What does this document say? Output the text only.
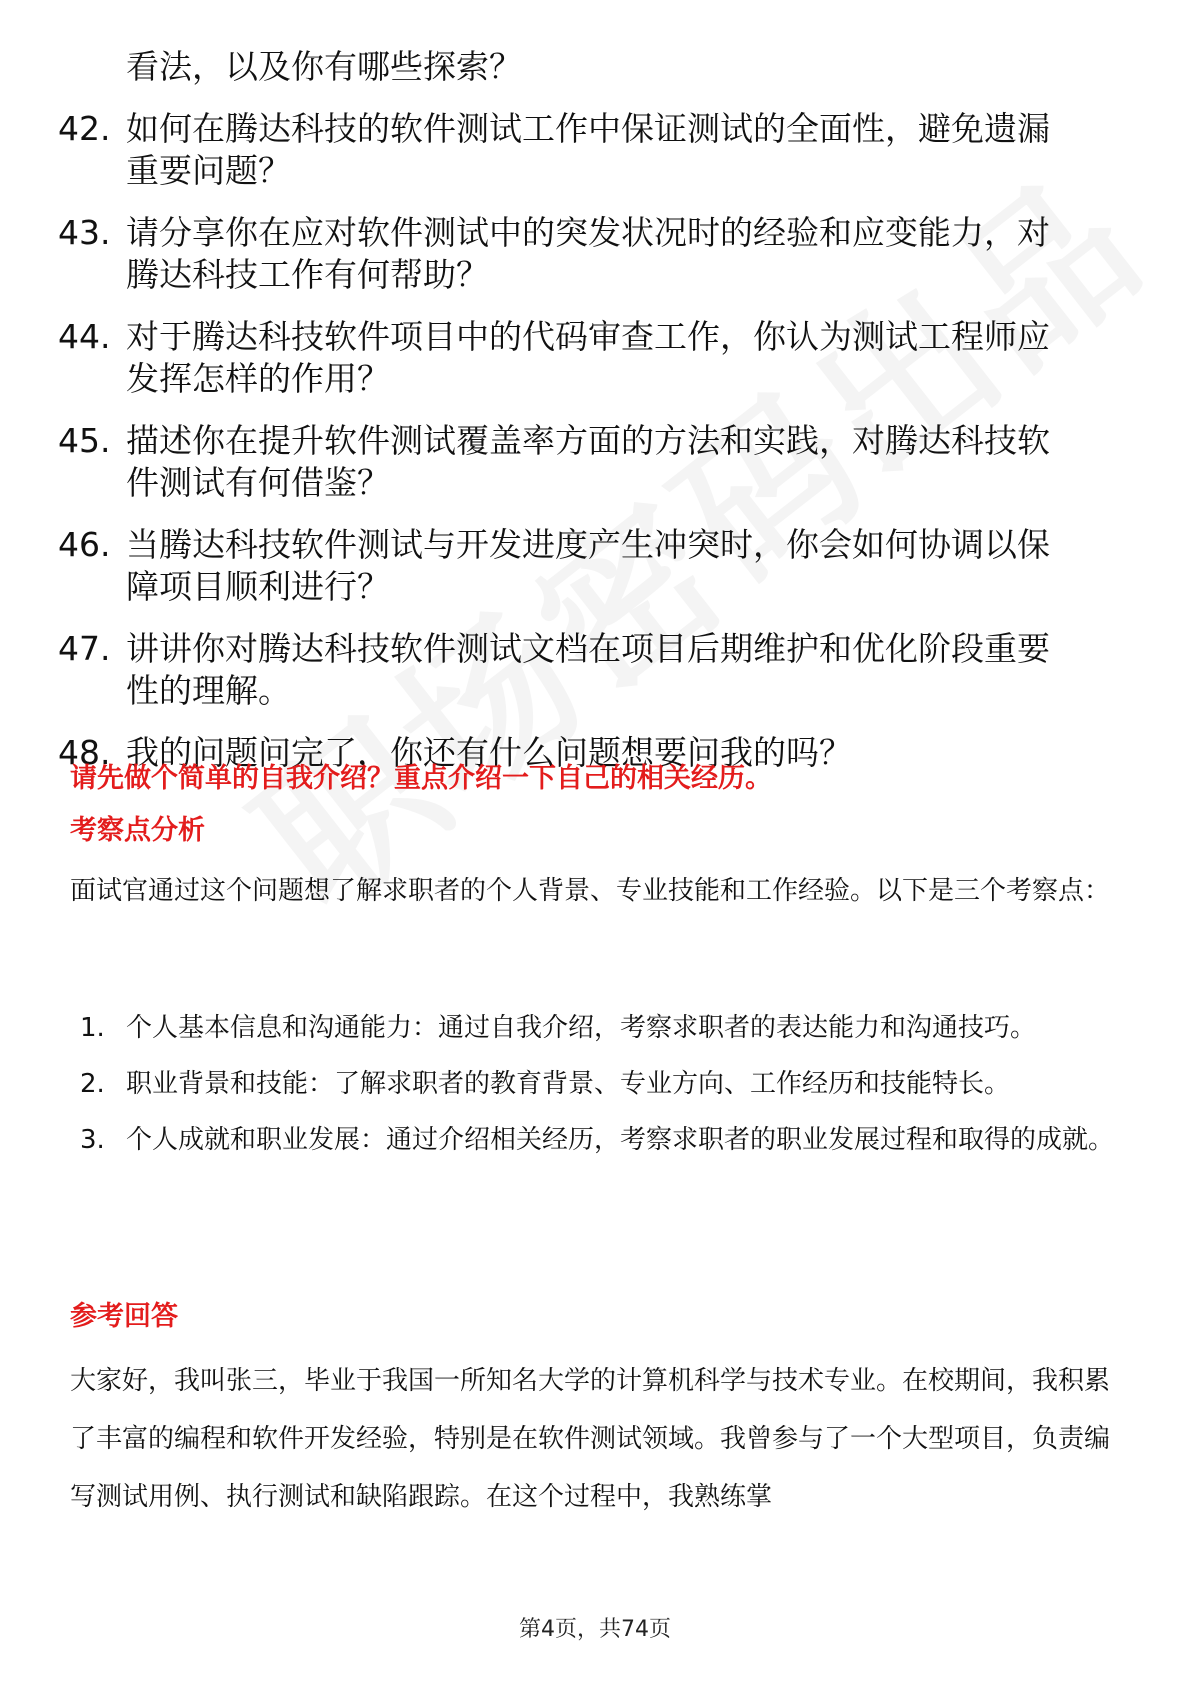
看法，以及你有哪些探索？
42. 如何在腾达科技的软件测试工作中保证测试的全面性，避免遗漏
重要问题？
43. 请分享你在应对软件测试中的突发状况时的经验和应变能力，对
腾达科技工作有何帮助？
44. 对于腾达科技软件项目中的代码审查工作，你认为测试工程师应
发挥怎样的作用？
45. 描述你在提升软件测试覆盖率方面的方法和实践，对腾达科技软
件测试有何借鉴？
46. 当腾达科技软件测试与开发进度产生冲突时，你会如何协调以保
障项目顺利进行？
47. 讲讲你对腾达科技软件测试文档在项目后期维护和优化阶段重要
性的理解。
48. 我的问题问完了，你还有什么问题想要问我的吗？
请先做个简单的自我介绍？重点介绍一下自己的相关经历。
考察点分析
面试官通过这个问题想了解求职者的个人背景、专业技能和工作经验。以下是三个考察点：
1. 个人基本信息和沟通能力：通过自我介绍，考察求职者的表达能力和沟通技巧。
2. 职业背景和技能：了解求职者的教育背景、专业方向、工作经历和技能特长。
3. 个人成就和职业发展：通过介绍相关经历，考察求职者的职业发展过程和取得的成就。
参考回答
大家好，我叫张三，毕业于我国一所知名大学的计算机科学与技术专业。在校期间，我积累了丰富的编程和软件开发经验，特别是在软件测试领域。我曾参与了一个大型项目，负责编写测试用例、执行测试和缺陷跟踪。在这个过程中，我熟练掌
第4页，共74页
